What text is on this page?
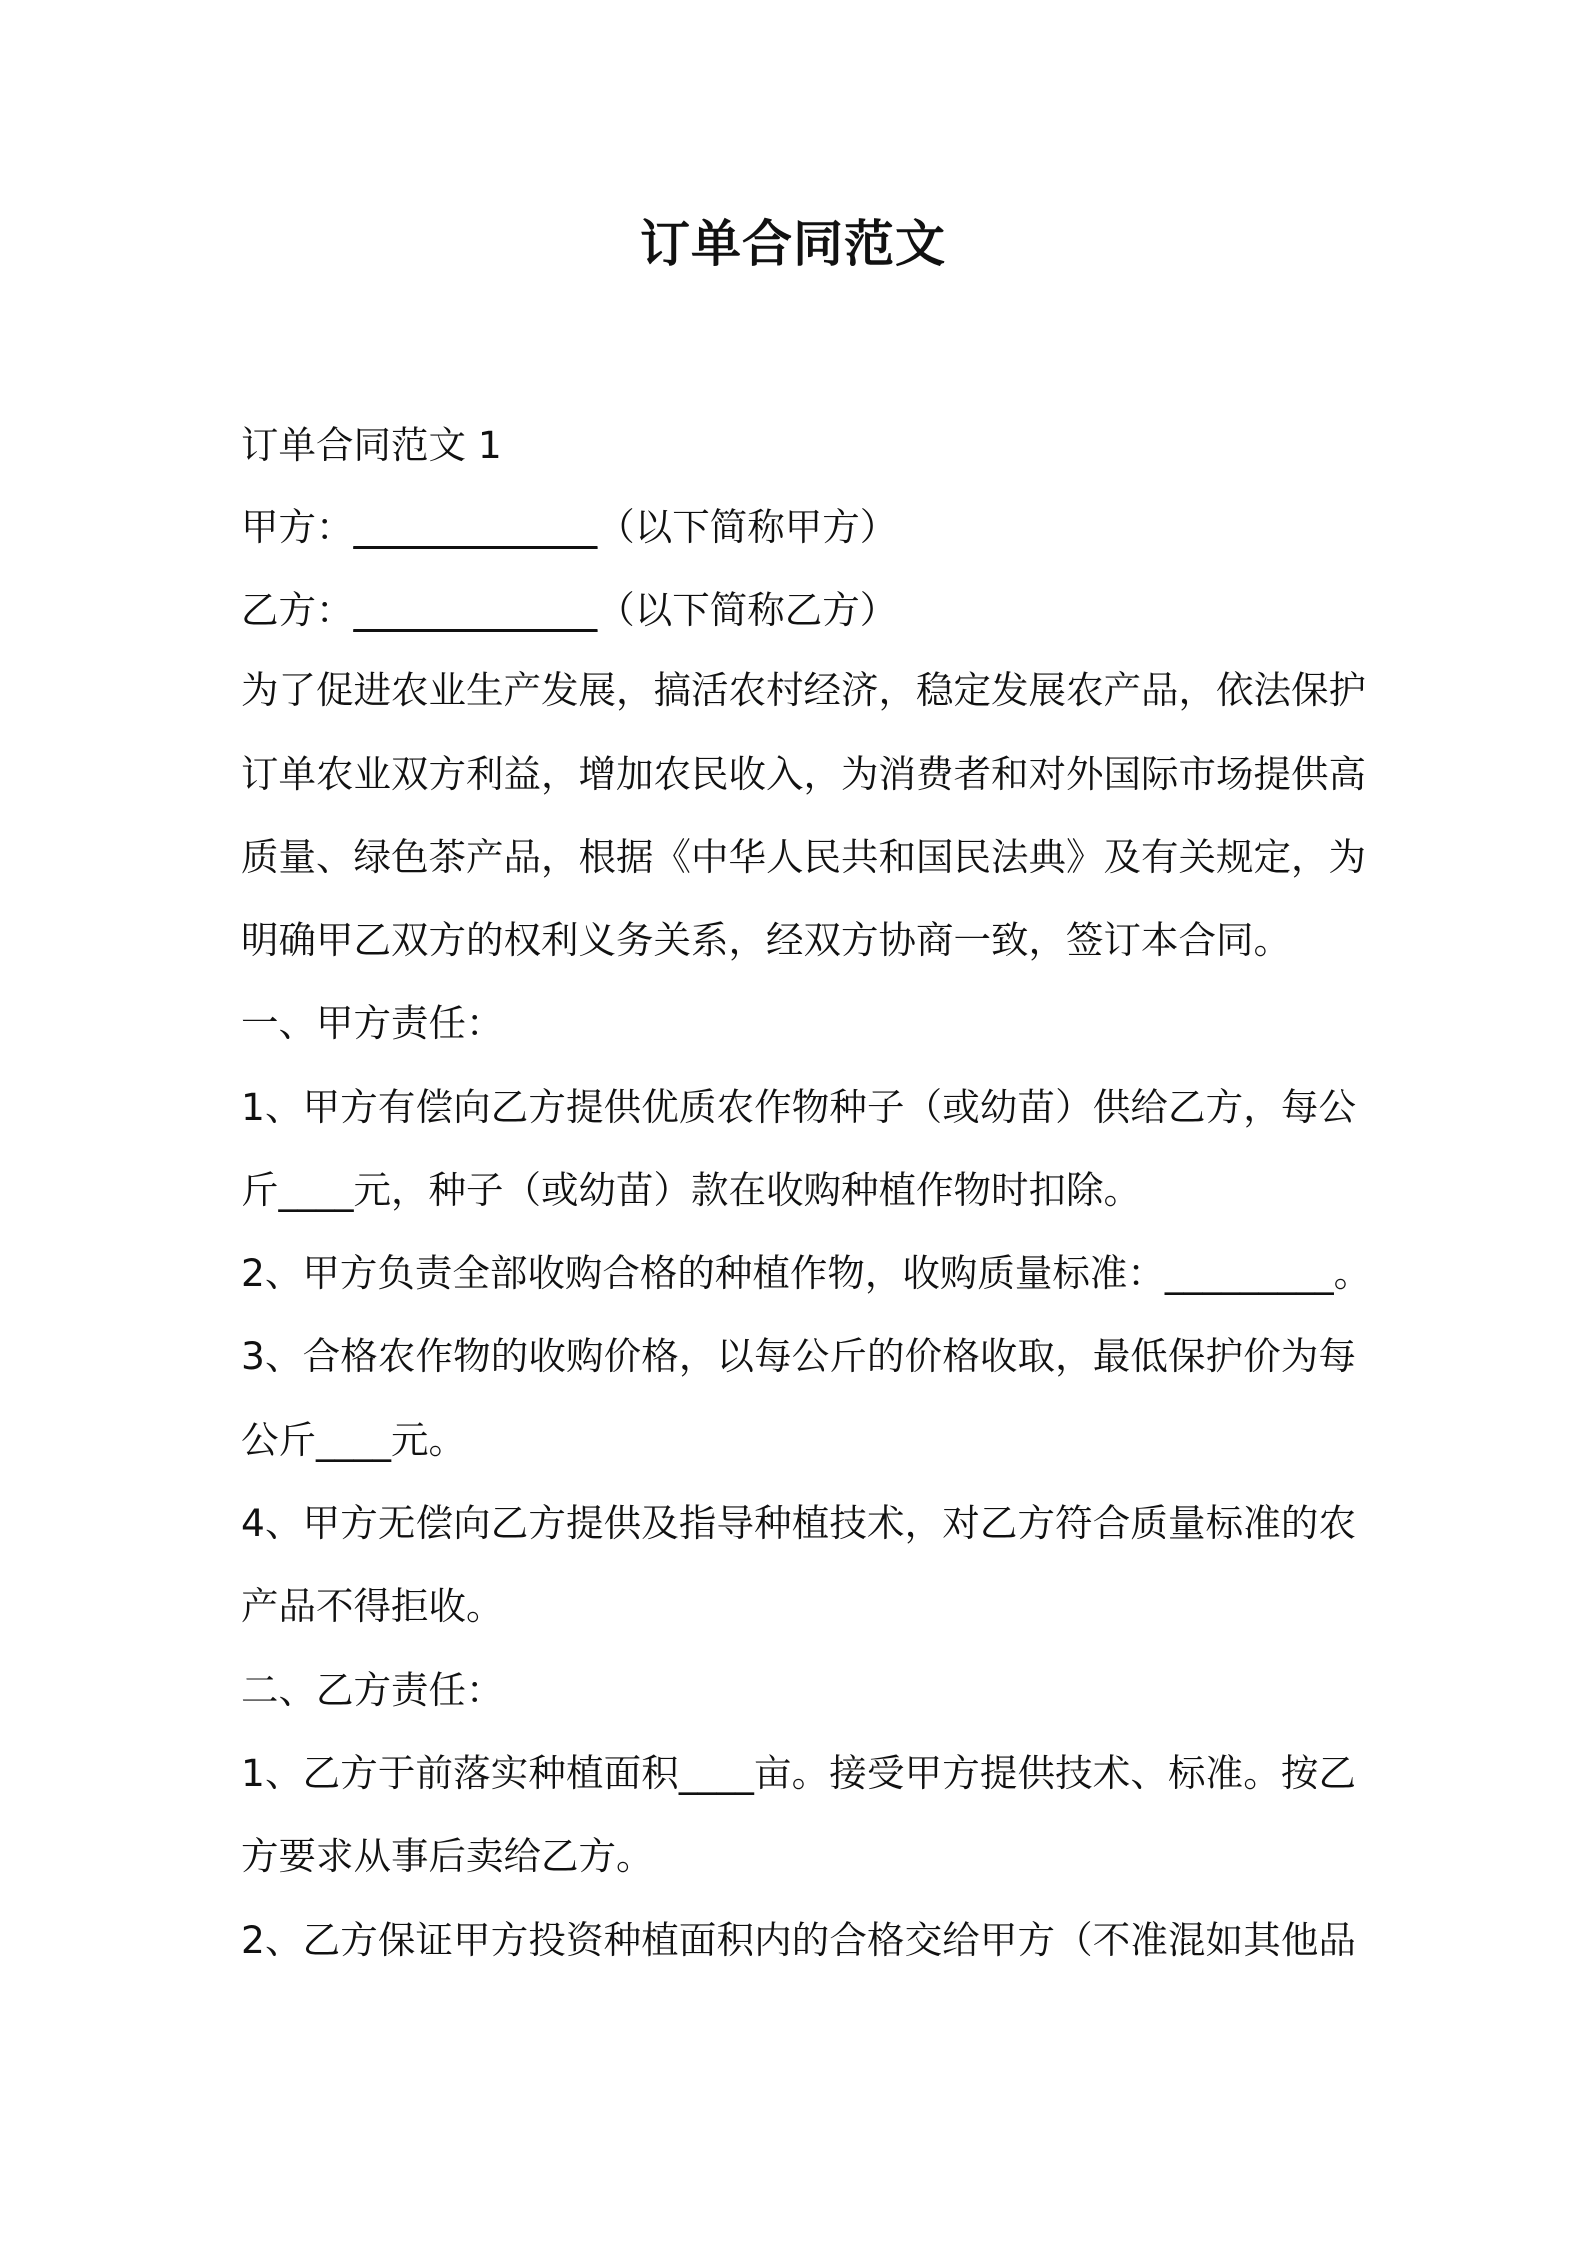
订单合同范文
订单合同范文 1
甲方：_____________（以下简称甲方）
乙方：_____________（以下简称乙方）
为了促进农业生产发展，搞活农村经济，稳定发展农产品，依法保护
订单农业双方利益，增加农民收入，为消费者和对外国际市场提供高
质量、绿色茶产品，根据《中华人民共和国民法典》及有关规定，为
明确甲乙双方的权利义务关系，经双方协商一致，签订本合同。
一、甲方责任：
1、甲方有偿向乙方提供优质农作物种子（或幼苗）供给乙方，每公
斤____元，种子（或幼苗）款在收购种植作物时扣除。
2、甲方负责全部收购合格的种植作物，收购质量标准：_________。
3、合格农作物的收购价格，以每公斤的价格收取，最低保护价为每
公斤____元。
4、甲方无偿向乙方提供及指导种植技术，对乙方符合质量标准的农
产品不得拒收。
二、乙方责任：
1、乙方于前落实种植面积____亩。接受甲方提供技术、标准。按乙
方要求从事后卖给乙方。
2、乙方保证甲方投资种植面积内的合格交给甲方（不准混如其他品
